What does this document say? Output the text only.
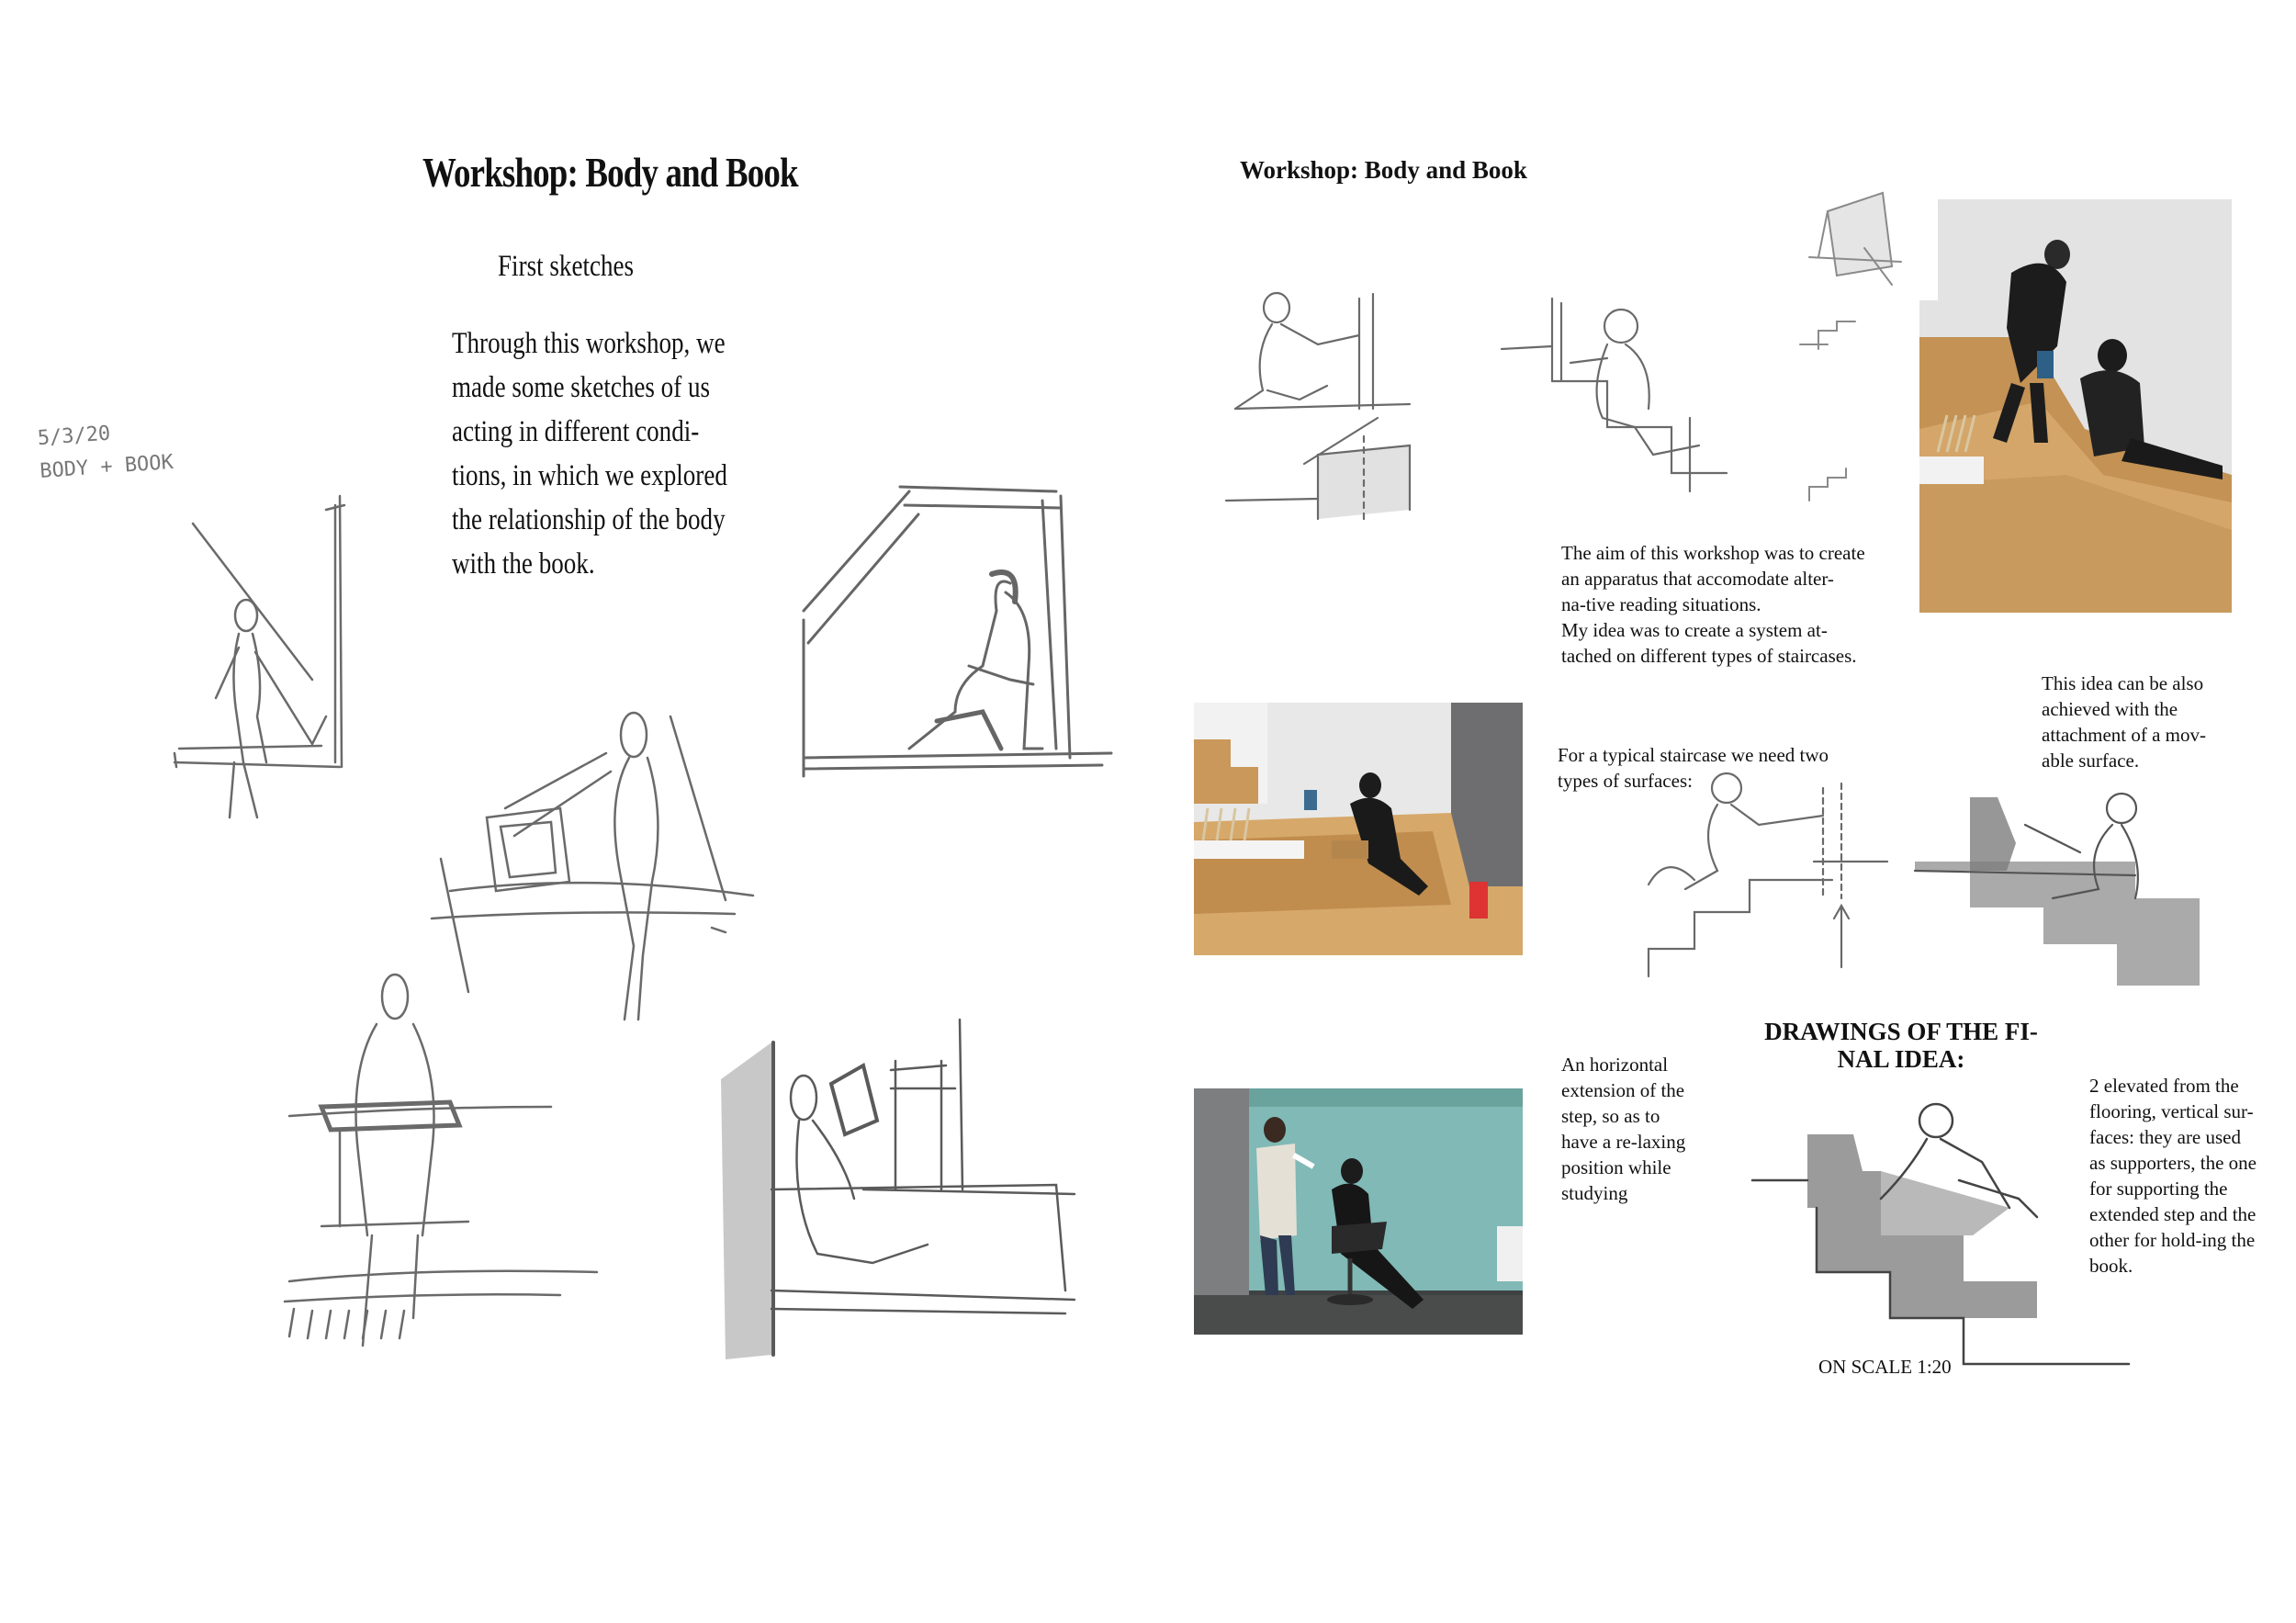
Workshop: Body and Book
First sketches
Through this workshop, we
made some sketches of us
acting in different condi-
tions, in which we explored
the relationship of the body
with the book.
5/3/20
BODY + BOOK
Workshop: Body and Book
The aim of this workshop was to create
an apparatus that accomodate alter-
na-tive reading situations.
My idea was to create a system at-
tached on different types of staircases.
This idea can be also
achieved with the
attachment of a mov-
able surface.
For a typical staircase we need two
types of surfaces:
DRAWINGS OF THE FI-
NAL IDEA:
An horizontal
extension of the
step, so as to
have a re-laxing
position while
studying
2 elevated from the
flooring, vertical sur-
faces: they are used
as supporters, the one
for supporting the
extended step and the
other for hold-ing the
book.
ON SCALE 1:20
